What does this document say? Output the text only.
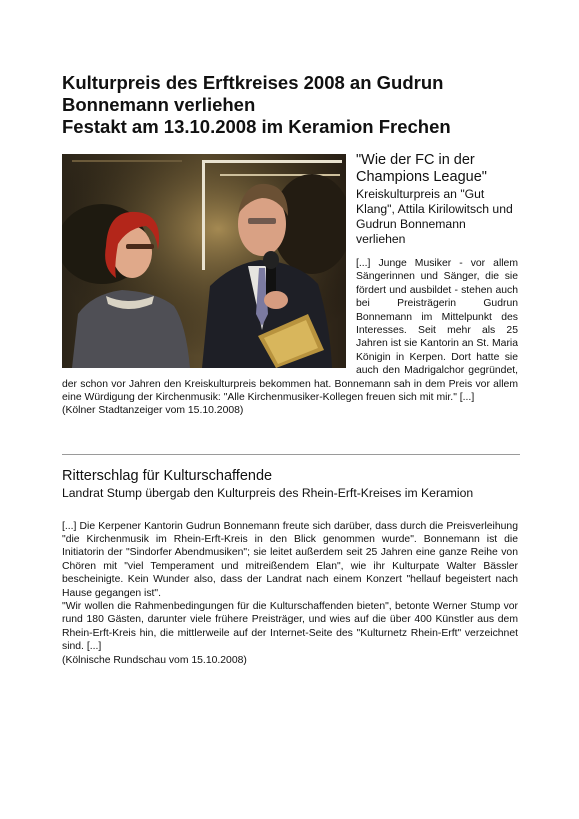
Kulturpreis des Erftkreises 2008 an Gudrun
Bonnemann verliehen
Festakt am 13.10.2008 im Keramion Frechen

"Wie der FC in der Champions League"

Kreiskulturpreis an "Gut Klang", Attila Kirilowitsch und Gudrun Bonnemann verliehen

[...] Junge Musiker - vor allem Sängerinnen und Sänger, die sie fördert und ausbildet - stehen auch bei Preisträgerin Gudrun Bonnemann im Mittelpunkt des Interesses. Seit mehr als 25 Jahren ist sie Kantorin an St. Maria Königin in Kerpen. Dort hatte sie auch den Madrigalchor gegründet, der schon vor Jahren den Kreiskulturpreis bekommen hat. Bonnemann sah in dem Preis vor allem eine Würdigung der Kirchenmusik: "Alle Kirchenmusiker-Kollegen freuen sich mit mir." [...]

(Kölner Stadtanzeiger vom 15.10.2008)

Ritterschlag für Kulturschaffende

Landrat Stump übergab den Kulturpreis des Rhein-Erft-Kreises im Keramion

[...] Die Kerpener Kantorin Gudrun Bonnemann freute sich darüber, dass durch die Preisverleihung "die Kirchenmusik im Rhein-Erft-Kreis in den Blick genommen wurde". Bonnemann ist die Initiatorin der "Sindorfer Abendmusiken"; sie leitet außerdem seit 25 Jahren eine ganze Reihe von Chören mit "viel Temperament und mitreißendem Elan", wie ihr Kulturpate Walter Bässler bescheinigte. Kein Wunder also, dass der Landrat nach einem Konzert "hellauf begeistert nach Hause gegangen ist".

"Wir wollen die Rahmenbedingungen für die Kulturschaffenden bieten", betonte Werner Stump vor rund 180 Gästen, darunter viele frühere Preisträger, und wies auf die über 400 Künstler aus dem Rhein-Erft-Kreis hin, die mittlerweile auf der Internet-Seite des "Kulturnetz Rhein-Erft" verzeichnet sind. [...]

(Kölnische Rundschau vom 15.10.2008)
